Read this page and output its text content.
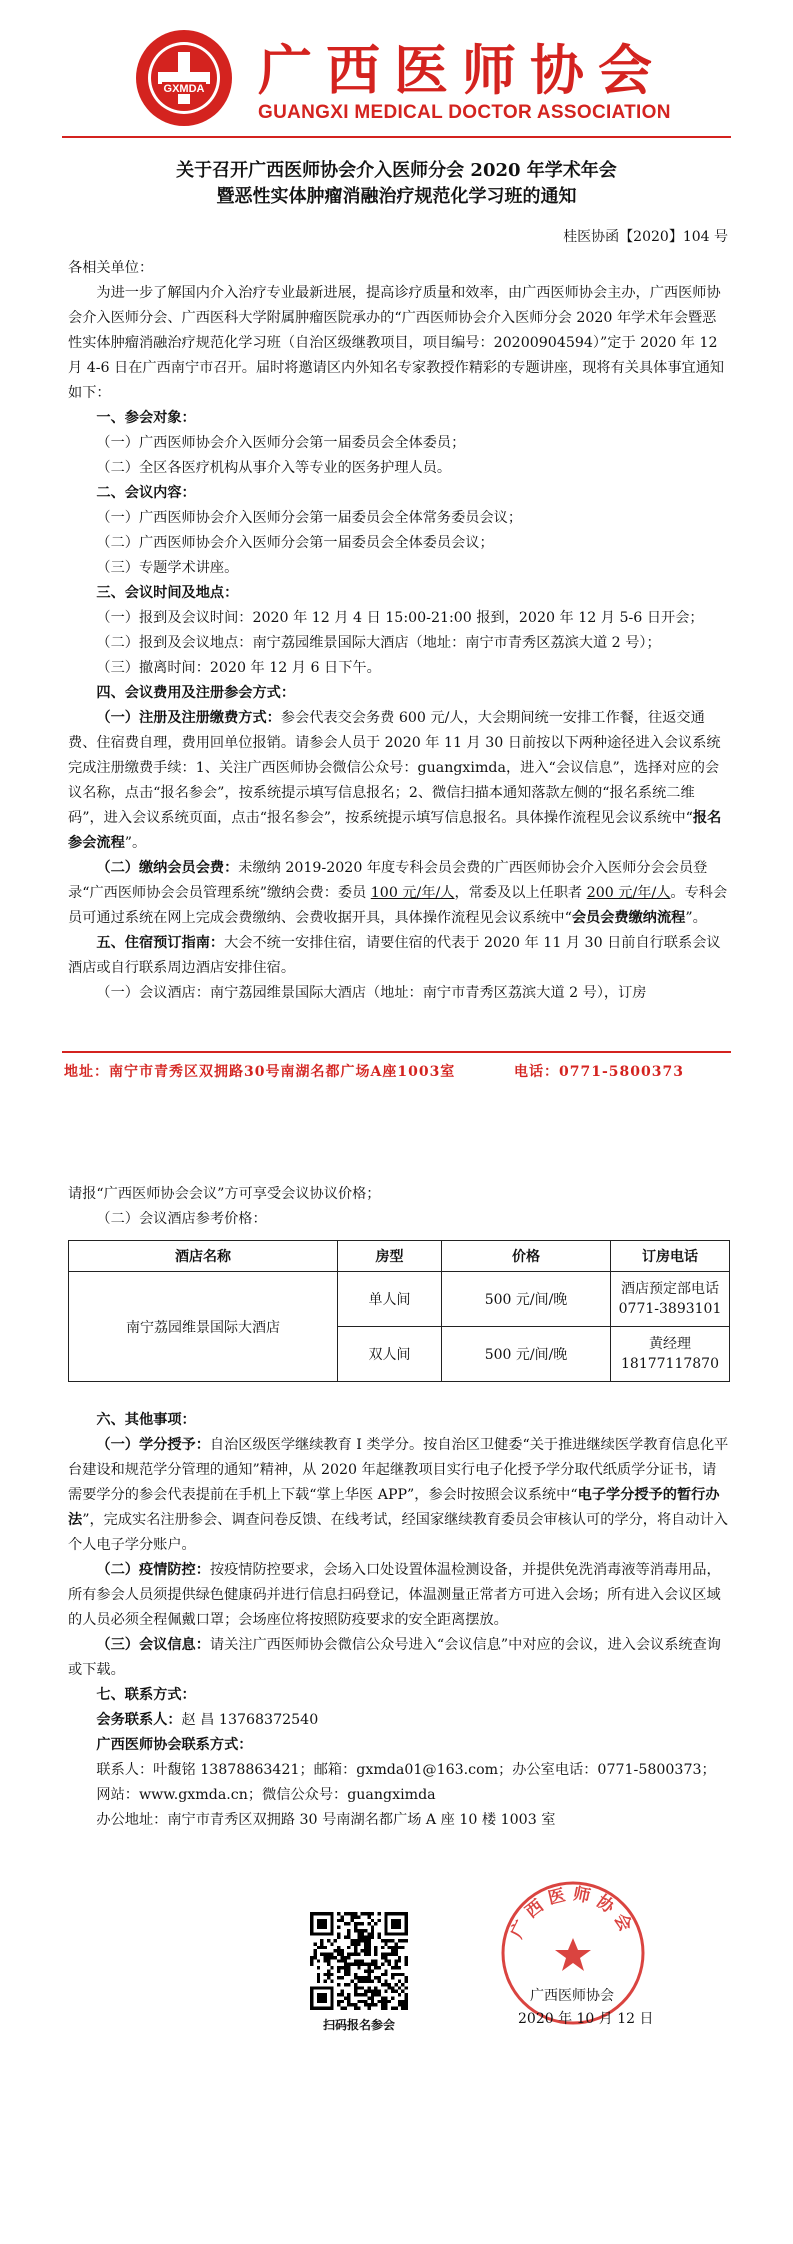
GXMDA 广西医师协会
GUANGXI MEDICAL DOCTOR ASSOCIATION
关于召开广西医师协会介入医师分会 2020 年学术年会
暨恶性实体肿瘤消融治疗规范化学习班的通知
桂医协函【2020】104 号

各相关单位：

为进一步了解国内介入治疗专业最新进展，提高诊疗质量和效率，由广西医师协会主办，广西医师协会介入医师分会、广西医科大学附属肿瘤医院承办的“广西医师协会介入医师分会 2020 年学术年会暨恶性实体肿瘤消融治疗规范化学习班（自治区级继教项目，项目编号：20200904594）”定于 2020 年 12 月 4-6 日在广西南宁市召开。届时将邀请区内外知名专家教授作精彩的专题讲座，现将有关具体事宜通知如下：

一、参会对象：

（一）广西医师协会介入医师分会第一届委员会全体委员；

（二）全区各医疗机构从事介入等专业的医务护理人员。

二、会议内容：

（一）广西医师协会介入医师分会第一届委员会全体常务委员会议；

（二）广西医师协会介入医师分会第一届委员会全体委员会议；

（三）专题学术讲座。

三、会议时间及地点：

（一）报到及会议时间：2020 年 12 月 4 日 15:00-21:00 报到，2020 年 12 月 5-6 日开会；

（二）报到及会议地点：南宁荔园维景国际大酒店（地址：南宁市青秀区荔滨大道 2 号）；

（三）撤离时间：2020 年 12 月 6 日下午。

四、会议费用及注册参会方式：

（一）注册及注册缴费方式：参会代表交会务费 600 元/人，大会期间统一安排工作餐，往返交通费、住宿费自理，费用回单位报销。请参会人员于 2020 年 11 月 30 日前按以下两种途径进入会议系统完成注册缴费手续：1、关注广西医师协会微信公众号：guangximda，进入“会议信息”，选择对应的会议名称，点击“报名参会”，按系统提示填写信息报名；2、微信扫描本通知落款左侧的“报名系统二维码”，进入会议系统页面，点击“报名参会”，按系统提示填写信息报名。具体操作流程见会议系统中“报名参会流程”。

（二）缴纳会员会费：未缴纳 2019-2020 年度专科会员会费的广西医师协会介入医师分会会员登录“广西医师协会会员管理系统”缴纳会费：委员 100 元/年/人，常委及以上任职者 200 元/年/人。专科会员可通过系统在网上完成会费缴纳、会费收据开具，具体操作流程见会议系统中“会员会费缴纳流程”。

五、住宿预订指南：大会不统一安排住宿，请要住宿的代表于 2020 年 11 月 30 日前自行联系会议酒店或自行联系周边酒店安排住宿。

（一）会议酒店：南宁荔园维景国际大酒店（地址：南宁市青秀区荔滨大道 2 号），订房

地址：南宁市青秀区双拥路30号南湖名都广场A座1003室	电话：0771-5800373

请报“广西医师协会会议”方可享受会议协议价格；

（二）会议酒店参考价格：

酒店名称	房型	价格	订房电话
南宁荔园维景国际大酒店	单人间	500 元/间/晚	酒店预定部电话
0771-3893101

	双人间	500 元/间/晚	黄经理
18177117870

六、其他事项：

（一）学分授予：自治区级医学继续教育 I 类学分。按自治区卫健委“关于推进继续医学教育信息化平台建设和规范学分管理的通知”精神，从 2020 年起继教项目实行电子化授予学分取代纸质学分证书，请需要学分的参会代表提前在手机上下载“掌上华医 APP”，参会时按照会议系统中“电子学分授予的暂行办法”，完成实名注册参会、调查问卷反馈、在线考试，经国家继续教育委员会审核认可的学分，将自动计入个人电子学分账户。

（二）疫情防控：按疫情防控要求，会场入口处设置体温检测设备，并提供免洗消毒液等消毒用品，所有参会人员须提供绿色健康码并进行信息扫码登记，体温测量正常者方可进入会场；所有进入会议区域的人员必须全程佩戴口罩；会场座位将按照防疫要求的安全距离摆放。

（三）会议信息：请关注广西医师协会微信公众号进入“会议信息”中对应的会议，进入会议系统查询或下载。

七、联系方式：

会务联系人：赵 昌 13768372540

广西医师协会联系方式：

联系人：叶馥铭 13878863421；邮箱：gxmda01@163.com；办公室电话：0771-5800373；

网站：www.gxmda.cn；微信公众号：guangximda

办公地址：南宁市青秀区双拥路 30 号南湖名都广场 A 座 10 楼 1003 室

扫码报名参会
广西医师协会
广西医师协会
2020 年 10 月 12 日
